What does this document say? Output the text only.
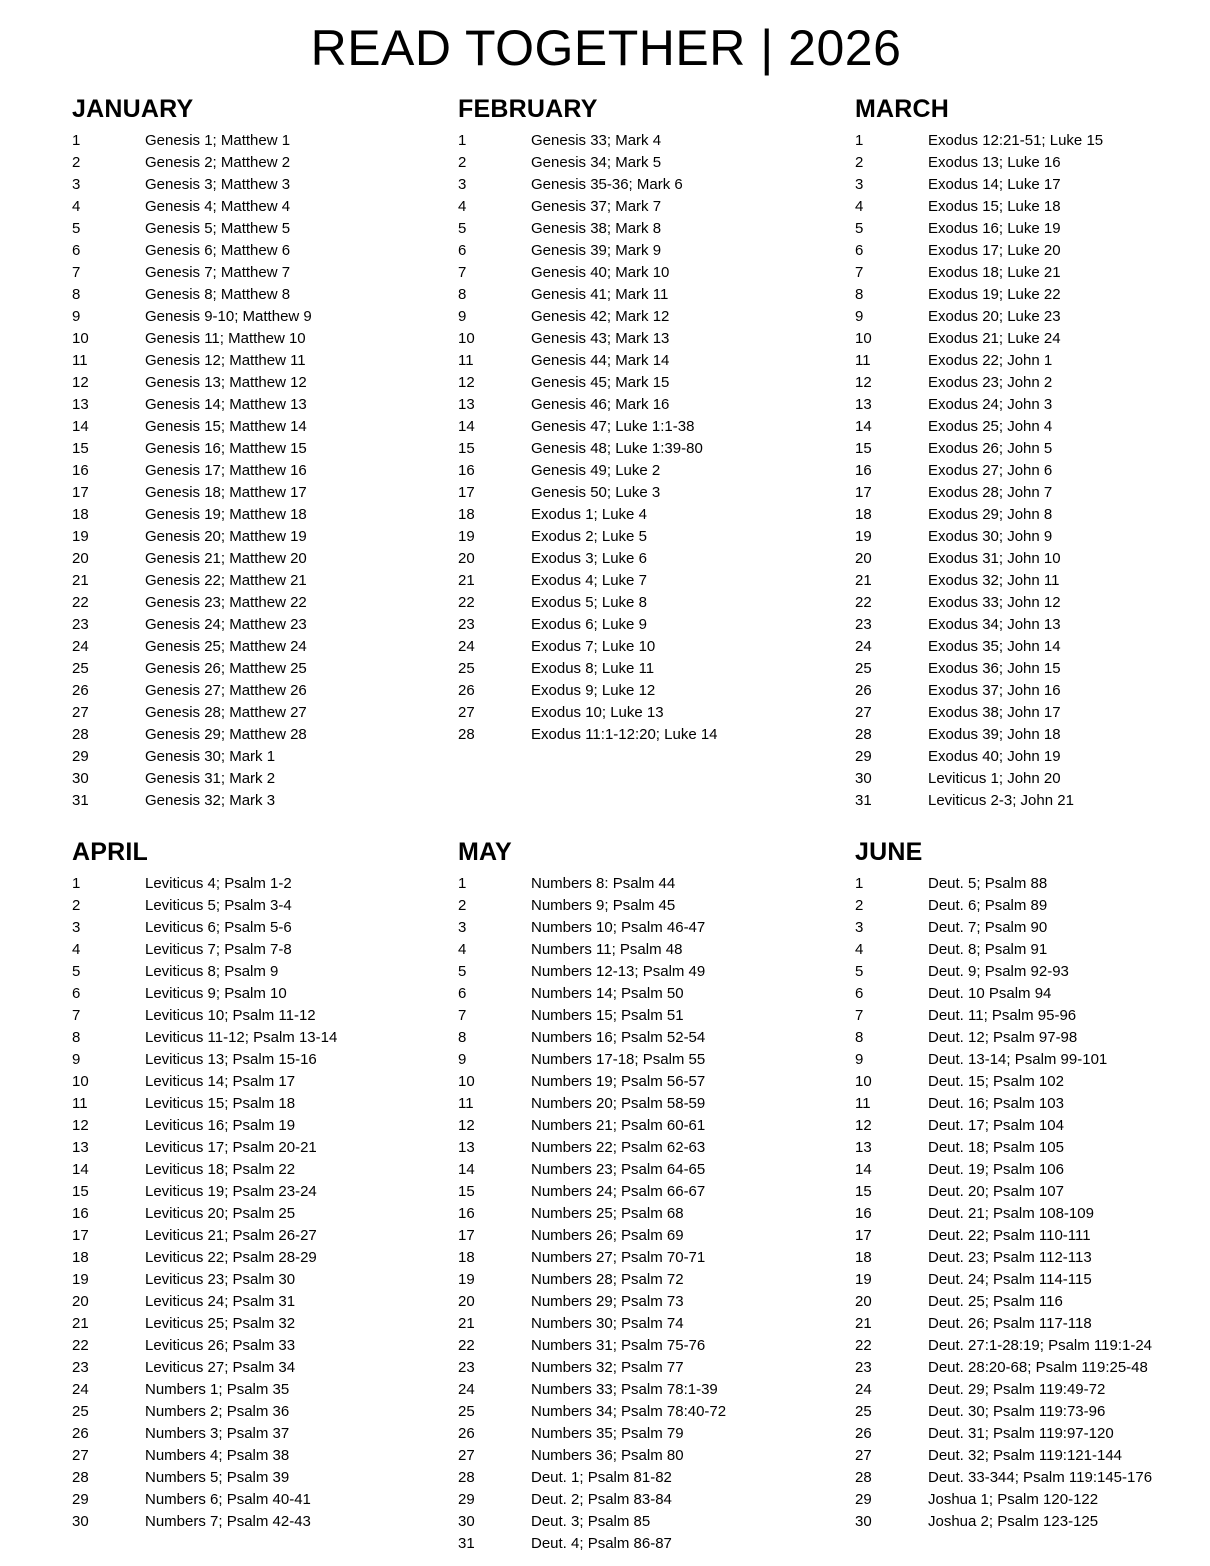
READ TOGETHER | 2026
JANUARY
1	Genesis 1; Matthew 1
2	Genesis 2; Matthew 2
3	Genesis 3; Matthew 3
4	Genesis 4; Matthew 4
5	Genesis 5; Matthew 5
6	Genesis 6; Matthew 6
7	Genesis 7; Matthew 7
8	Genesis 8; Matthew 8
9	Genesis 9-10; Matthew 9
10	Genesis 11; Matthew 10
11	Genesis 12; Matthew 11
12	Genesis 13; Matthew 12
13	Genesis 14; Matthew 13
14	Genesis 15; Matthew 14
15	Genesis 16; Matthew 15
16	Genesis 17; Matthew 16
17	Genesis 18; Matthew 17
18	Genesis 19; Matthew 18
19	Genesis 20; Matthew 19
20	Genesis 21; Matthew 20
21	Genesis 22; Matthew 21
22	Genesis 23; Matthew 22
23	Genesis 24; Matthew 23
24	Genesis 25; Matthew 24
25	Genesis 26; Matthew 25
26	Genesis 27; Matthew 26
27	Genesis 28; Matthew 27
28	Genesis 29; Matthew 28
29	Genesis 30; Mark 1
30	Genesis 31; Mark 2
31	Genesis 32; Mark 3
FEBRUARY
1	Genesis 33; Mark 4
2	Genesis 34; Mark 5
3	Genesis 35-36; Mark 6
4	Genesis 37; Mark 7
5	Genesis 38; Mark 8
6	Genesis 39; Mark 9
7	Genesis 40; Mark 10
8	Genesis 41; Mark 11
9	Genesis 42; Mark 12
10	Genesis 43; Mark 13
11	Genesis 44; Mark 14
12	Genesis 45; Mark 15
13	Genesis 46; Mark 16
14	Genesis 47; Luke 1:1-38
15	Genesis 48; Luke 1:39-80
16	Genesis 49; Luke 2
17	Genesis 50; Luke 3
18	Exodus 1; Luke 4
19	Exodus 2; Luke 5
20	Exodus 3; Luke 6
21	Exodus 4; Luke 7
22	Exodus 5; Luke 8
23	Exodus 6; Luke 9
24	Exodus 7; Luke 10
25	Exodus 8; Luke 11
26	Exodus 9; Luke 12
27	Exodus 10; Luke 13
28	Exodus 11:1-12:20; Luke 14
MARCH
1	Exodus 12:21-51; Luke 15
2	Exodus 13; Luke 16
3	Exodus 14; Luke 17
4	Exodus 15; Luke 18
5	Exodus 16; Luke 19
6	Exodus 17; Luke 20
7	Exodus 18; Luke 21
8	Exodus 19; Luke 22
9	Exodus 20; Luke 23
10	Exodus 21; Luke 24
11	Exodus 22; John 1
12	Exodus 23; John 2
13	Exodus 24; John 3
14	Exodus 25; John 4
15	Exodus 26; John 5
16	Exodus 27; John 6
17	Exodus 28; John 7
18	Exodus 29; John 8
19	Exodus 30; John 9
20	Exodus 31; John 10
21	Exodus 32; John 11
22	Exodus 33; John 12
23	Exodus 34; John 13
24	Exodus 35; John 14
25	Exodus 36; John 15
26	Exodus 37; John 16
27	Exodus 38; John 17
28	Exodus 39; John 18
29	Exodus 40; John 19
30	Leviticus 1; John 20
31	Leviticus 2-3; John 21
APRIL
1	Leviticus 4; Psalm 1-2
2	Leviticus 5; Psalm 3-4
3	Leviticus 6; Psalm 5-6
4	Leviticus 7; Psalm 7-8
5	Leviticus 8; Psalm 9
6	Leviticus 9; Psalm 10
7	Leviticus 10; Psalm 11-12
8	Leviticus 11-12; Psalm 13-14
9	Leviticus 13; Psalm 15-16
10	Leviticus 14; Psalm 17
11	Leviticus 15; Psalm 18
12	Leviticus 16; Psalm 19
13	Leviticus 17; Psalm 20-21
14	Leviticus 18; Psalm 22
15	Leviticus 19; Psalm 23-24
16	Leviticus 20; Psalm 25
17	Leviticus 21; Psalm 26-27
18	Leviticus 22; Psalm 28-29
19	Leviticus 23; Psalm 30
20	Leviticus 24; Psalm 31
21	Leviticus 25; Psalm 32
22	Leviticus 26; Psalm 33
23	Leviticus 27; Psalm 34
24	Numbers 1; Psalm 35
25	Numbers 2; Psalm 36
26	Numbers 3; Psalm 37
27	Numbers 4; Psalm 38
28	Numbers 5; Psalm 39
29	Numbers 6; Psalm 40-41
30	Numbers 7; Psalm 42-43
MAY
1	Numbers 8: Psalm 44
2	Numbers 9; Psalm 45
3	Numbers 10; Psalm 46-47
4	Numbers 11; Psalm 48
5	Numbers 12-13; Psalm 49
6	Numbers 14; Psalm 50
7	Numbers 15; Psalm 51
8	Numbers 16; Psalm 52-54
9	Numbers 17-18; Psalm 55
10	Numbers 19; Psalm 56-57
11	Numbers 20; Psalm 58-59
12	Numbers 21; Psalm 60-61
13	Numbers 22; Psalm 62-63
14	Numbers 23; Psalm 64-65
15	Numbers 24; Psalm 66-67
16	Numbers 25; Psalm 68
17	Numbers 26; Psalm 69
18	Numbers 27; Psalm 70-71
19	Numbers 28; Psalm 72
20	Numbers 29; Psalm 73
21	Numbers 30; Psalm 74
22	Numbers 31; Psalm 75-76
23	Numbers 32; Psalm 77
24	Numbers 33; Psalm 78:1-39
25	Numbers 34; Psalm 78:40-72
26	Numbers 35; Psalm 79
27	Numbers 36; Psalm 80
28	Deut. 1; Psalm 81-82
29	Deut. 2; Psalm 83-84
30	Deut. 3; Psalm 85
31	Deut. 4; Psalm 86-87
JUNE
1	Deut. 5; Psalm 88
2	Deut. 6; Psalm 89
3	Deut. 7; Psalm 90
4	Deut. 8; Psalm 91
5	Deut. 9; Psalm 92-93
6	Deut. 10 Psalm 94
7	Deut. 11; Psalm 95-96
8	Deut. 12; Psalm 97-98
9	Deut. 13-14; Psalm 99-101
10	Deut. 15; Psalm 102
11	Deut. 16; Psalm 103
12	Deut. 17; Psalm 104
13	Deut. 18; Psalm 105
14	Deut. 19; Psalm 106
15	Deut. 20; Psalm 107
16	Deut. 21; Psalm 108-109
17	Deut. 22; Psalm 110-111
18	Deut. 23; Psalm 112-113
19	Deut. 24; Psalm 114-115
20	Deut. 25; Psalm 116
21	Deut. 26; Psalm 117-118
22	Deut. 27:1-28:19; Psalm 119:1-24
23	Deut. 28:20-68; Psalm 119:25-48
24	Deut. 29; Psalm 119:49-72
25	Deut. 30; Psalm 119:73-96
26	Deut. 31; Psalm 119:97-120
27	Deut. 32; Psalm 119:121-144
28	Deut. 33-344; Psalm 119:145-176
29	Joshua 1; Psalm 120-122
30	Joshua 2; Psalm 123-125
